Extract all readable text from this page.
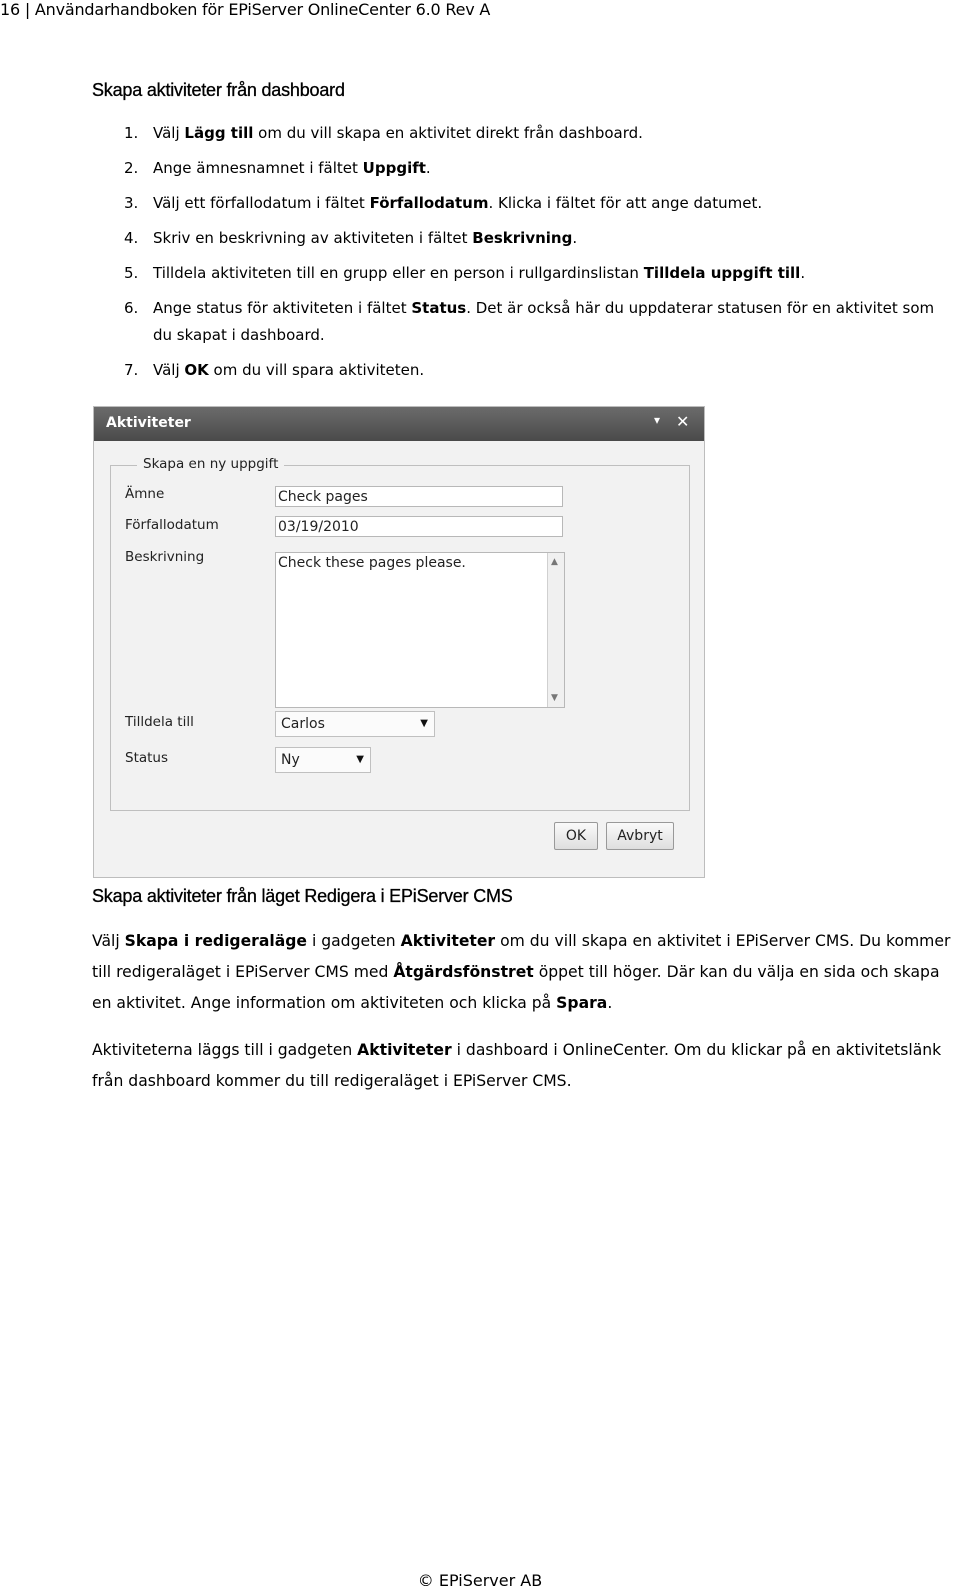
16 | Användarhandboken för EPiServer OnlineCenter 6.0 Rev A
Skapa aktiviteter från dashboard
1. Välj Lägg till om du vill skapa en aktivitet direkt från dashboard.
2. Ange ämnesnamnet i fältet Uppgift.
3. Välj ett förfallodatum i fältet Förfallodatum. Klicka i fältet för att ange datumet.
4. Skriv en beskrivning av aktiviteten i fältet Beskrivning.
5. Tilldela aktiviteten till en grupp eller en person i rullgardinslistan Tilldela uppgift till.
6. Ange status för aktiviteten i fältet Status. Det är också här du uppdaterar statusen för en aktivitet som du skapat i dashboard.
7. Välj OK om du vill spara aktiviteten.
Aktiviteter	▾ ✕
Skapa en ny uppgift
Ämne	Check pages
Förfallodatum	03/19/2010
Beskrivning	Check these pages please.	▲
▼
Tilldela till	Carlos	▼
Status	Ny	▼
OK	Avbryt
Skapa aktiviteter från läget Redigera i EPiServer CMS
Välj Skapa i redigeraläge i gadgeten Aktiviteter om du vill skapa en aktivitet i EPiServer CMS. Du kommer till redigeraläget i EPiServer CMS med Åtgärdsfönstret öppet till höger. Där kan du välja en sida och skapa en aktivitet. Ange information om aktiviteten och klicka på Spara.
Aktiviteterna läggs till i gadgeten Aktiviteter i dashboard i OnlineCenter. Om du klickar på en aktivitetslänk från dashboard kommer du till redigeraläget i EPiServer CMS.
© EPiServer AB
